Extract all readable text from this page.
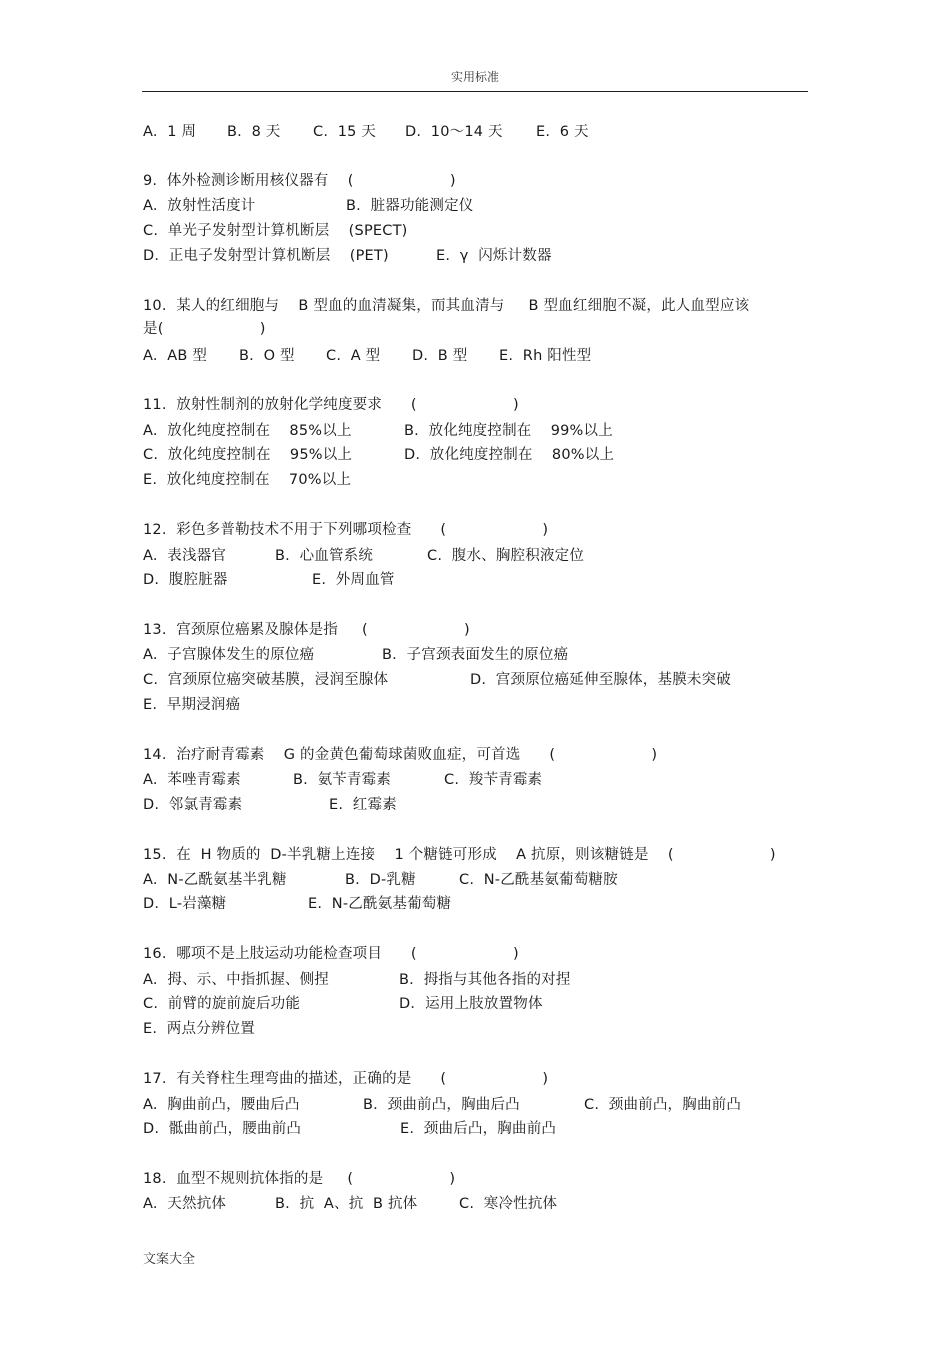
实用标准
A.  1 周 B.  8 天 C.  15 天 D.  10～14 天 E.  6 天
9.  体外检测诊断用核仪器有    (                    )
A.  放射性活度计	B.  脏器功能测定仪
C.  单光子发射型计算机断层    (SPECT)
D.  正电子发射型计算机断层    (PET)	E.  γ  闪烁计数器
10.  某人的红细胞与    B 型血的血清凝集，而其血清与     B 型血红细胞不凝，此人血型应该
是(                    )
A.  AB 型 B.  O 型 C.  A 型 D.  B 型 E.  Rh 阳性型
11.  放射性制剂的放射化学纯度要求      (                    )
A.  放化纯度控制在    85%以上	B.  放化纯度控制在    99%以上
C.  放化纯度控制在    95%以上	D.  放化纯度控制在    80%以上
E.  放化纯度控制在    70%以上
12.  彩色多普勒技术不用于下列哪项检查      (                    )
A.  表浅器官	B.  心血管系统	C.  腹水、胸腔积液定位
D.  腹腔脏器	E.  外周血管
13.  宫颈原位癌累及腺体是指     (                    )
A.  子宫腺体发生的原位癌	B.  子宫颈表面发生的原位癌
C.  宫颈原位癌突破基膜，浸润至腺体	D.  宫颈原位癌延伸至腺体，基膜未突破
E.  早期浸润癌
14.  治疗耐青霉素    G 的金黄色葡萄球菌败血症，可首选      (                    )
A.  苯唑青霉素	B.  氨苄青霉素	C.  羧苄青霉素
D.  邻氯青霉素	E.  红霉素
15.  在  H 物质的  D-半乳糖上连接    1 个糖链可形成    A 抗原，则该糖链是    (                    )
A.  N-乙酰氨基半乳糖	B.  D-乳糖	C.  N-乙酰基氨葡萄糖胺
D.  L-岩藻糖	E.  N-乙酰氨基葡萄糖
16.  哪项不是上肢运动功能检查项目      (                    )
A.  拇、示、中指抓握、侧捏	B.  拇指与其他各指的对捏
C.  前臂的旋前旋后功能	D．运用上肢放置物体
E.  两点分辨位置
17.  有关脊柱生理弯曲的描述，正确的是      (                    )
A.  胸曲前凸，腰曲后凸	B.  颈曲前凸，胸曲后凸	C.  颈曲前凸，胸曲前凸
D.  骶曲前凸，腰曲前凸	E.  颈曲后凸，胸曲前凸
18.  血型不规则抗体指的是     (                    )
A.  天然抗体	B.  抗  A、抗  B 抗体	C.  寒冷性抗体
文案大全
